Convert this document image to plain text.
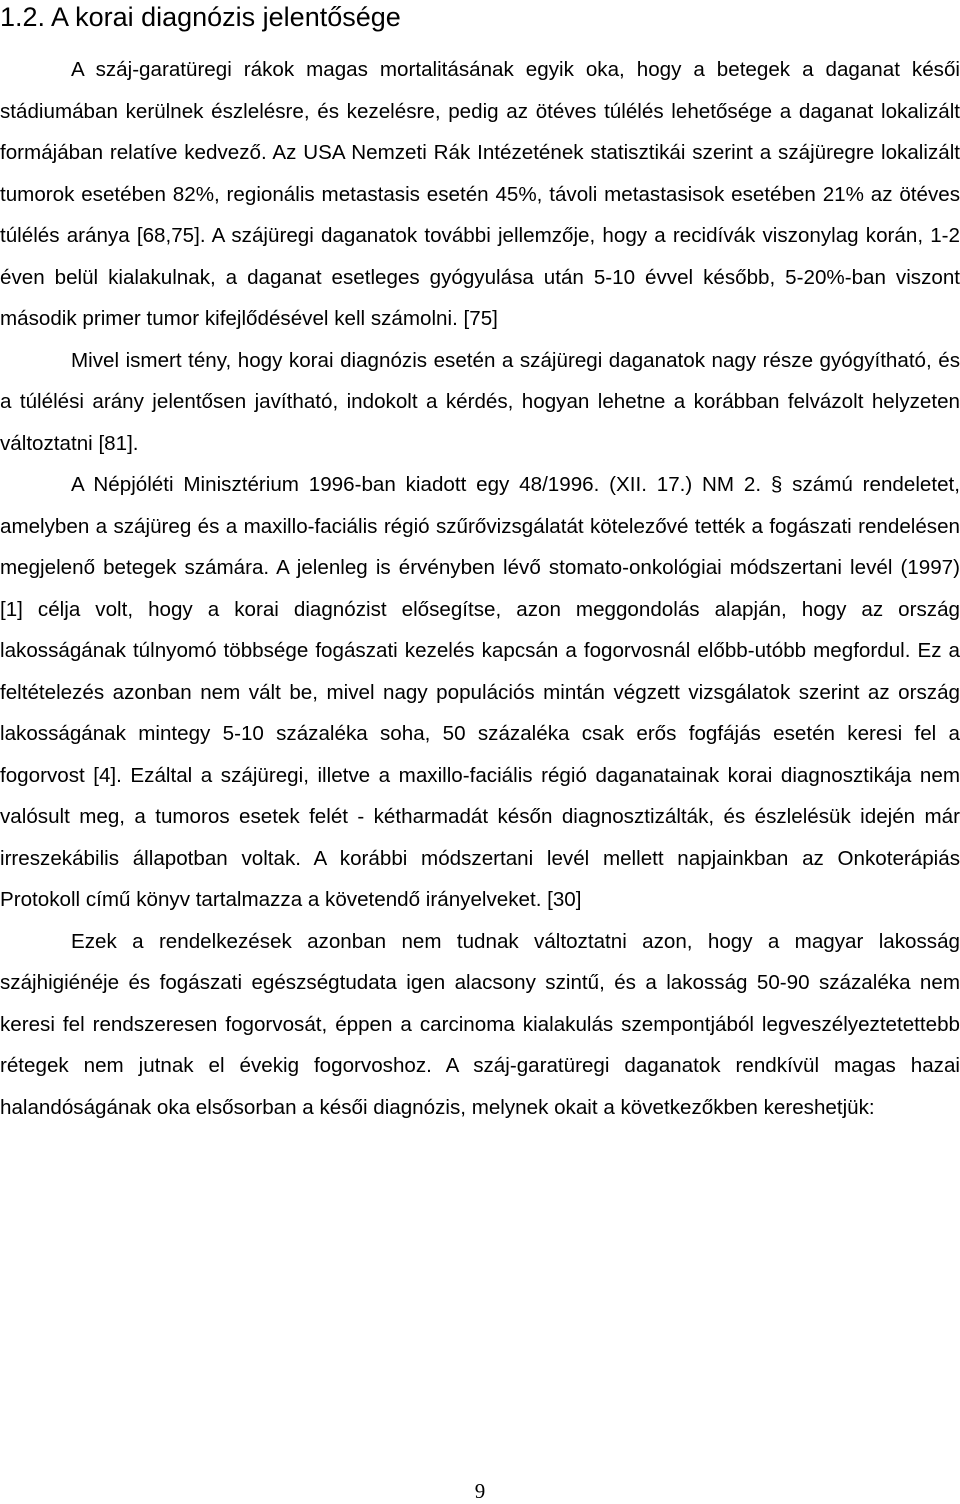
1.2. A korai diagnózis jelentősége

A száj-garatüregi rákok magas mortalitásának egyik oka, hogy a betegek a daganat késői stádiumában kerülnek észlelésre, és kezelésre, pedig az ötéves túlélés lehetősége a daganat lokalizált formájában relatíve kedvező. Az USA Nemzeti Rák Intézetének statisztikái szerint a szájüregre lokalizált tumorok esetében 82%, regionális metastasis esetén 45%, távoli metastasisok esetében 21% az ötéves túlélés aránya [68,75]. A szájüregi daganatok további jellemzője, hogy a recidívák viszonylag korán, 1-2 éven belül kialakulnak, a daganat esetleges gyógyulása után 5-10 évvel később, 5-20%-ban viszont második primer tumor kifejlődésével kell számolni. [75]

Mivel ismert tény, hogy korai diagnózis esetén a szájüregi daganatok nagy része gyógyítható, és a túlélési arány jelentősen javítható, indokolt a kérdés, hogyan lehetne a korábban felvázolt helyzeten változtatni [81].

A Népjóléti Minisztérium 1996-ban kiadott egy 48/1996. (XII. 17.) NM 2. § számú rendeletet, amelyben a szájüreg és a maxillo-faciális régió szűrővizsgálatát kötelezővé tették a fogászati rendelésen megjelenő betegek számára. A jelenleg is érvényben lévő stomato-onkológiai módszertani levél (1997) [1] célja volt, hogy a korai diagnózist elősegítse, azon meggondolás alapján, hogy az ország lakosságának túlnyomó többsége fogászati kezelés kapcsán a fogorvosnál előbb-utóbb megfordul. Ez a feltételezés azonban nem vált be, mivel nagy populációs mintán végzett vizsgálatok szerint az ország lakosságának mintegy 5-10 százaléka soha, 50 százaléka csak erős fogfájás esetén keresi fel a fogorvost [4]. Ezáltal a szájüregi, illetve a maxillo-faciális régió daganatainak korai diagnosztikája nem valósult meg, a tumoros esetek felét - kétharmadát későn diagnosztizálták, és észlelésük idején már irreszekábilis állapotban voltak. A korábbi módszertani levél mellett napjainkban az Onkoterápiás Protokoll című könyv tartalmazza a követendő irányelveket. [30]

Ezek a rendelkezések azonban nem tudnak változtatni azon, hogy a magyar lakosság szájhigiénéje és fogászati egészségtudata igen alacsony szintű, és a lakosság 50-90 százaléka nem keresi fel rendszeresen fogorvosát, éppen a carcinoma kialakulás szempontjából legveszélyeztetettebb rétegek nem jutnak el évekig fogorvoshoz. A száj-garatüregi daganatok rendkívül magas hazai halandóságának oka elsősorban a késői diagnózis, melynek okait a következőkben kereshetjük:

9
